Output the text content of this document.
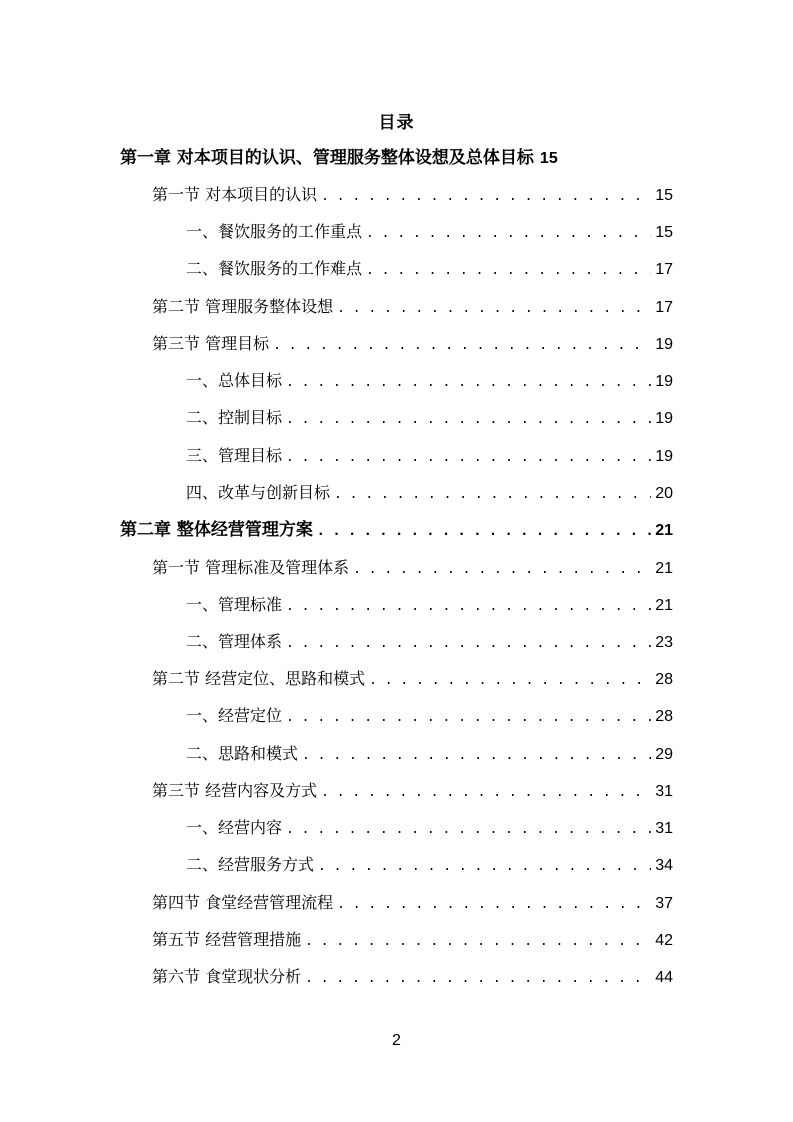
目录
第一章 对本项目的认识、管理服务整体设想及总体目标 15
第一节 对本项目的认识 . . .	15
一、餐饮服务的工作重点 . . .	15
二、餐饮服务的工作难点 . . .	17
第二节 管理服务整体设想 . . .	17
第三节 管理目标 . . .	19
一、总体目标 . . .	19
二、控制目标 . . .	19
三、管理目标 . . .	19
四、改革与创新目标 . . .	20
第二章 整体经营管理方案 . . .	21
第一节 管理标准及管理体系 . . .	21
一、管理标准 . . .	21
二、管理体系 . . .	23
第二节 经营定位、思路和模式 . . .	28
一、经营定位 . . .	28
二、思路和模式 . . .	29
第三节 经营内容及方式 . . .	31
一、经营内容 . . .	31
二、经营服务方式 . . .	34
第四节 食堂经营管理流程 . . .	37
第五节 经营管理措施 . . .	42
第六节 食堂现状分析 . . .	44
2
